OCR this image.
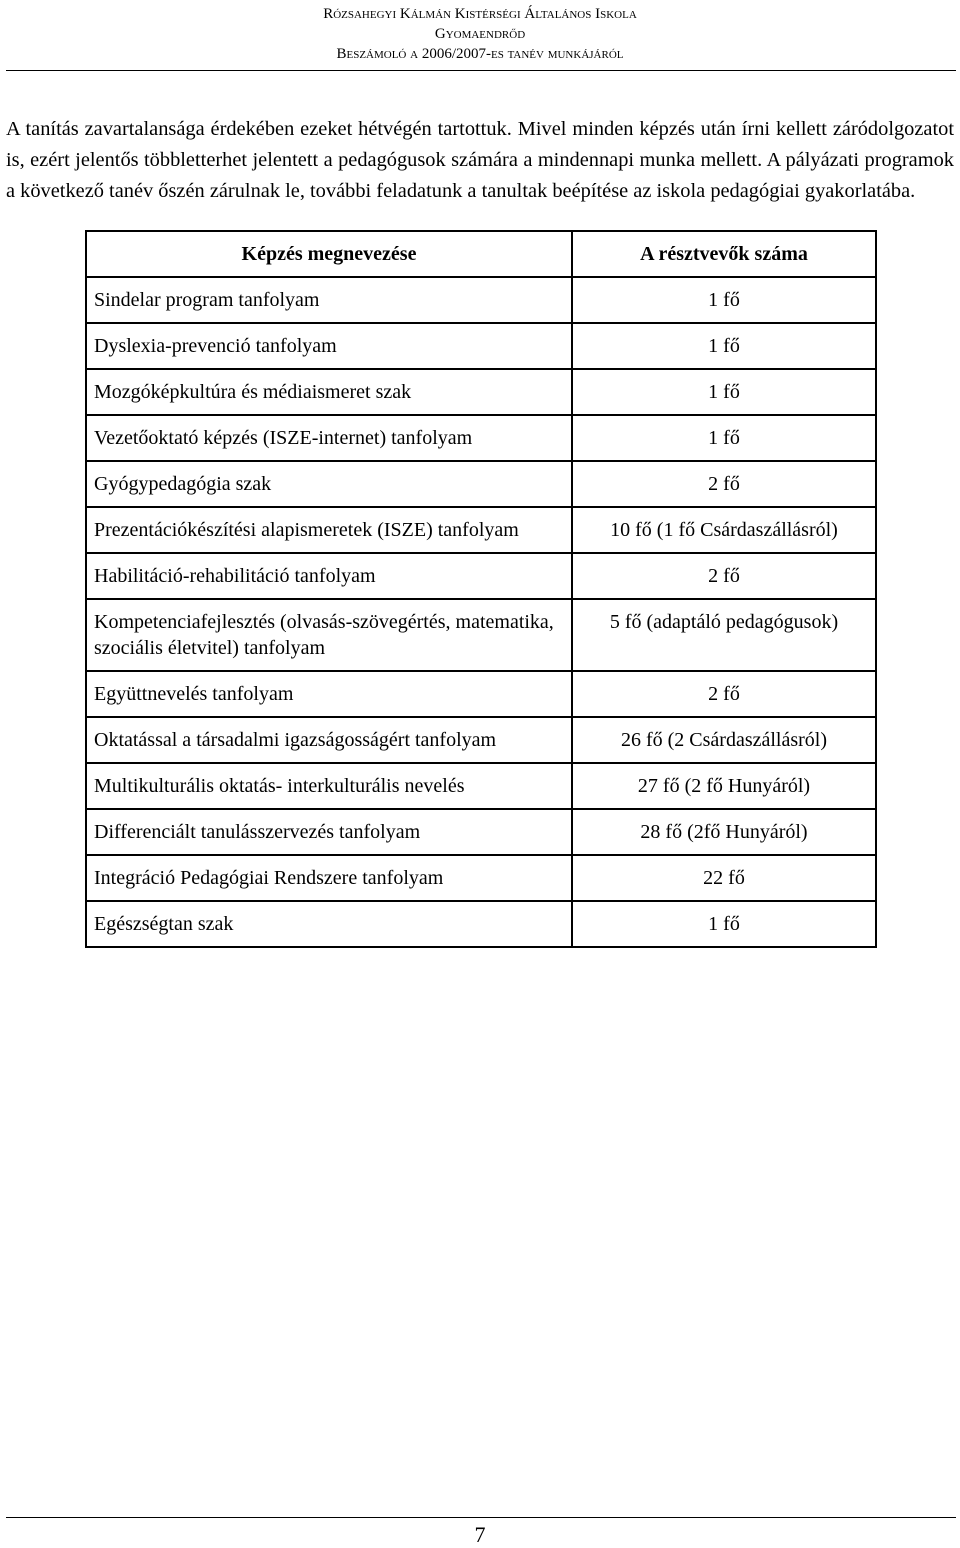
Rózsahegyi Kálmán Kistérségi Általános Iskola
Gyomaendrőd
Beszámoló a 2006/2007-es tanév munkájáról

A tanítás zavartalansága érdekében ezeket hétvégén tartottuk. Mivel minden képzés után írni kellett záródolgozatot is, ezért jelentős többletterhet jelentett a pedagógusok számára a mindennapi munka mellett. A pályázati programok a következő tanév őszén zárulnak le, további feladatunk a tanultak beépítése az iskola pedagógiai gyakorlatába.

Képzés megnevezése	A résztvevők száma
Sindelar program tanfolyam	1 fő
Dyslexia-prevenció tanfolyam	1 fő
Mozgóképkultúra és médiaismeret szak	1 fő
Vezetőoktató képzés (ISZE-internet) tanfolyam	1 fő
Gyógypedagógia szak	2 fő
Prezentációkészítési alapismeretek (ISZE) tanfolyam	10 fő (1 fő Csárdaszállásról)
Habilitáció-rehabilitáció tanfolyam	2 fő
Kompetenciafejlesztés (olvasás-szövegértés, matematika, szociális életvitel) tanfolyam	5 fő (adaptáló pedagógusok)
Együttnevelés tanfolyam	2 fő
Oktatással a társadalmi igazságosságért tanfolyam	26 fő (2 Csárdaszállásról)
Multikulturális oktatás- interkulturális nevelés	27 fő (2 fő Hunyáról)
Differenciált tanulásszervezés tanfolyam	28 fő (2fő Hunyáról)
Integráció Pedagógiai Rendszere tanfolyam	22 fő
Egészségtan szak	1 fő
7
